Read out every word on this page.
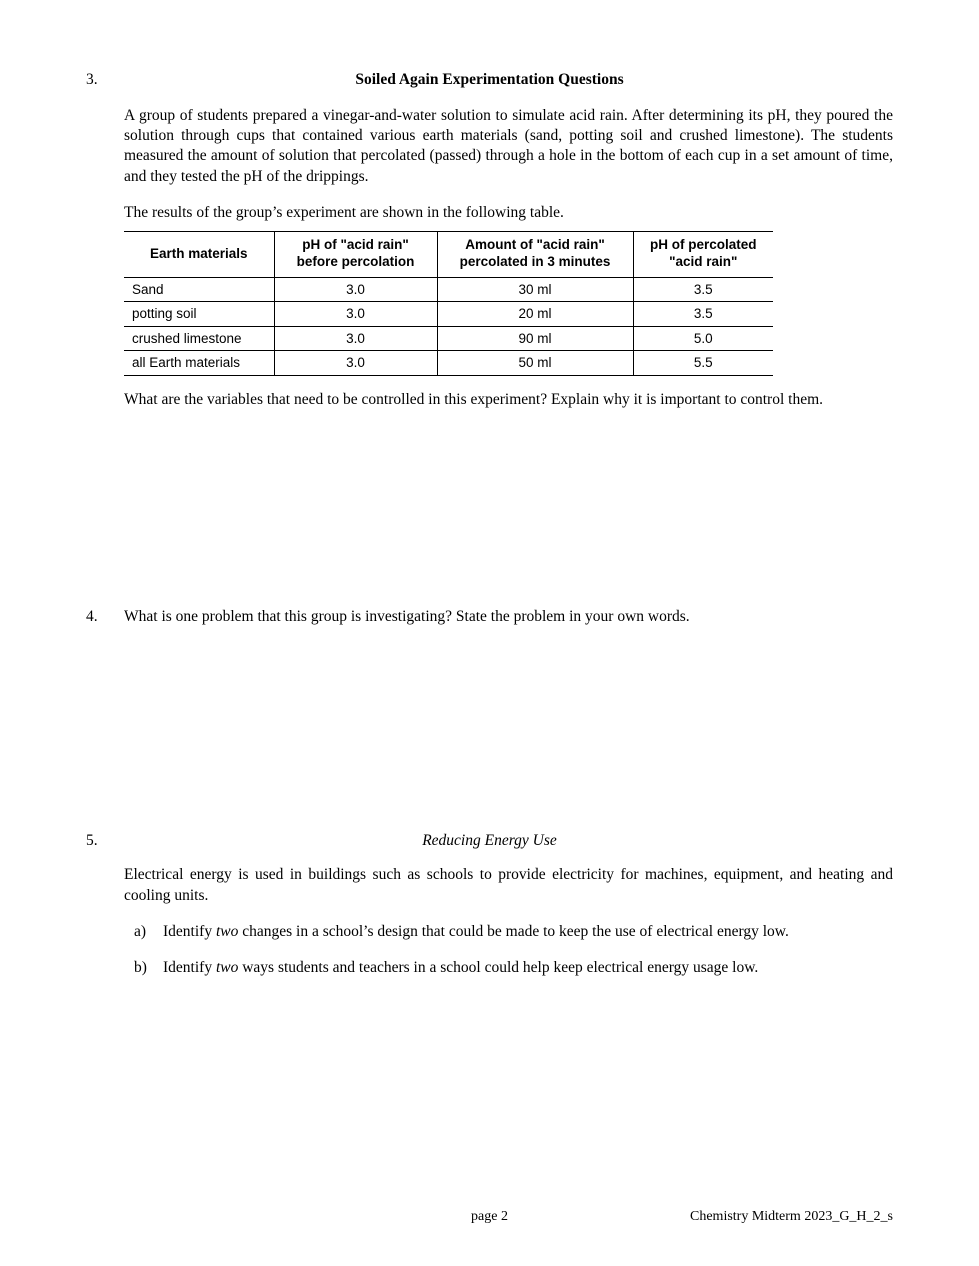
3.	Soiled Again Experimentation Questions

A group of students prepared a vinegar-and-water solution to simulate acid rain. After determining its pH, they poured the solution through cups that contained various earth materials (sand, potting soil and crushed limestone). The students measured the amount of solution that percolated (passed) through a hole in the bottom of each cup in a set amount of time, and they tested the pH of the drippings.

The results of the group’s experiment are shown in the following table.

Earth materials	pH of "acid rain" before percolation	Amount of "acid rain" percolated in 3 minutes	pH of percolated "acid rain"
Sand	3.0	30 ml	3.5
potting soil	3.0	20 ml	3.5
crushed limestone	3.0	90 ml	5.0
all Earth materials	3.0	50 ml	5.5

What are the variables that need to be controlled in this experiment? Explain why it is important to control them.

4.	What is one problem that this group is investigating? State the problem in your own words.

5.	Reducing Energy Use

Electrical energy is used in buildings such as schools to provide electricity for machines, equipment, and heating and cooling units.

a)	Identify two changes in a school’s design that could be made to keep the use of electrical energy low.
b)	Identify two ways students and teachers in a school could help keep electrical energy usage low.
page 2	Chemistry Midterm 2023_G_H_2_s
